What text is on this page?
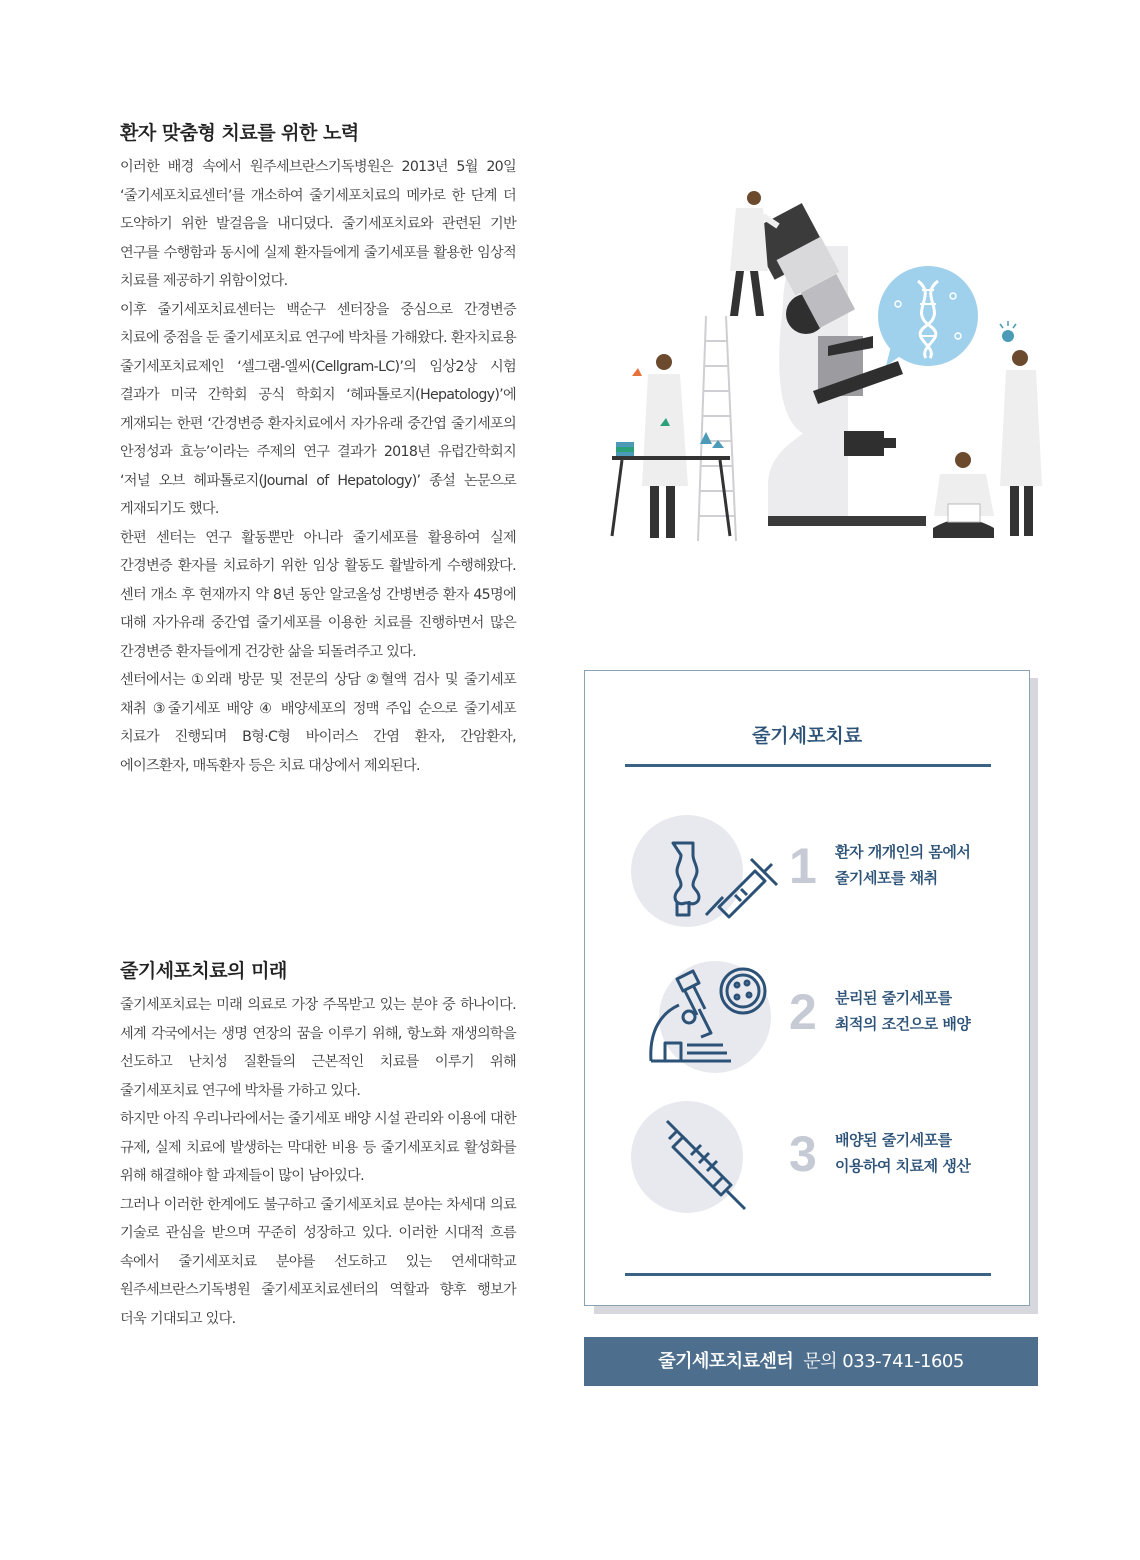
환자 맞춤형 치료를 위한 노력

이러한 배경 속에서 원주세브란스기독병원은 2013년 5월 20일 ‘줄기세포치료센터’를 개소하여 줄기세포치료의 메카로 한 단계 더 도약하기 위한 발걸음을 내디뎠다. 줄기세포치료와 관련된 기반 연구를 수행함과 동시에 실제 환자들에게 줄기세포를 활용한 임상적 치료를 제공하기 위함이었다.

이후 줄기세포치료센터는 백순구 센터장을 중심으로 간경변증 치료에 중점을 둔 줄기세포치료 연구에 박차를 가해왔다. 환자치료용 줄기세포치료제인 ‘셀그램-엘씨(Cellgram-LC)’의 임상2상 시험 결과가 미국 간학회 공식 학회지 ‘헤파톨로지(Hepatology)’에 게재되는 한편 ‘간경변증 환자치료에서 자가유래 중간엽 줄기세포의 안정성과 효능’이라는 주제의 연구 결과가 2018년 유럽간학회지 ‘저널 오브 헤파톨로지(Journal of Hepatology)’ 종설 논문으로 게재되기도 했다.

한편 센터는 연구 활동뿐만 아니라 줄기세포를 활용하여 실제 간경변증 환자를 치료하기 위한 임상 활동도 활발하게 수행해왔다. 센터 개소 후 현재까지 약 8년 동안 알코올성 간병변증 환자 45명에 대해 자가유래 중간엽 줄기세포를 이용한 치료를 진행하면서 많은 간경변증 환자들에게 건강한 삶을 되돌려주고 있다.

센터에서는 ①외래 방문 및 전문의 상담 ②혈액 검사 및 줄기세포 채취 ③줄기세포 배양 ④ 배양세포의 정맥 주입 순으로 줄기세포 치료가 진행되며 B형·C형 바이러스 간염 환자, 간암환자, 에이즈환자, 매독환자 등은 치료 대상에서 제외된다.

줄기세포치료의 미래

줄기세포치료는 미래 의료로 가장 주목받고 있는 분야 중 하나이다. 세계 각국에서는 생명 연장의 꿈을 이루기 위해, 항노화 재생의학을 선도하고 난치성 질환들의 근본적인 치료를 이루기 위해 줄기세포치료 연구에 박차를 가하고 있다.

하지만 아직 우리나라에서는 줄기세포 배양 시설 관리와 이용에 대한 규제, 실제 치료에 발생하는 막대한 비용 등 줄기세포치료 활성화를 위해 해결해야 할 과제들이 많이 남아있다.

그러나 이러한 한계에도 불구하고 줄기세포치료 분야는 차세대 의료 기술로 관심을 받으며 꾸준히 성장하고 있다. 이러한 시대적 흐름 속에서 줄기세포치료 분야를 선도하고 있는 연세대학교 원주세브란스기독병원 줄기세포치료센터의 역할과 향후 행보가 더욱 기대되고 있다.

줄기세포치료
1 환자 개개인의 몸에서
줄기세포를 채취
2 분리된 줄기세포를
최적의 조건으로 배양
3 배양된 줄기세포를
이용하여 치료제 생산
줄기세포치료센터 문의 033-741-1605
